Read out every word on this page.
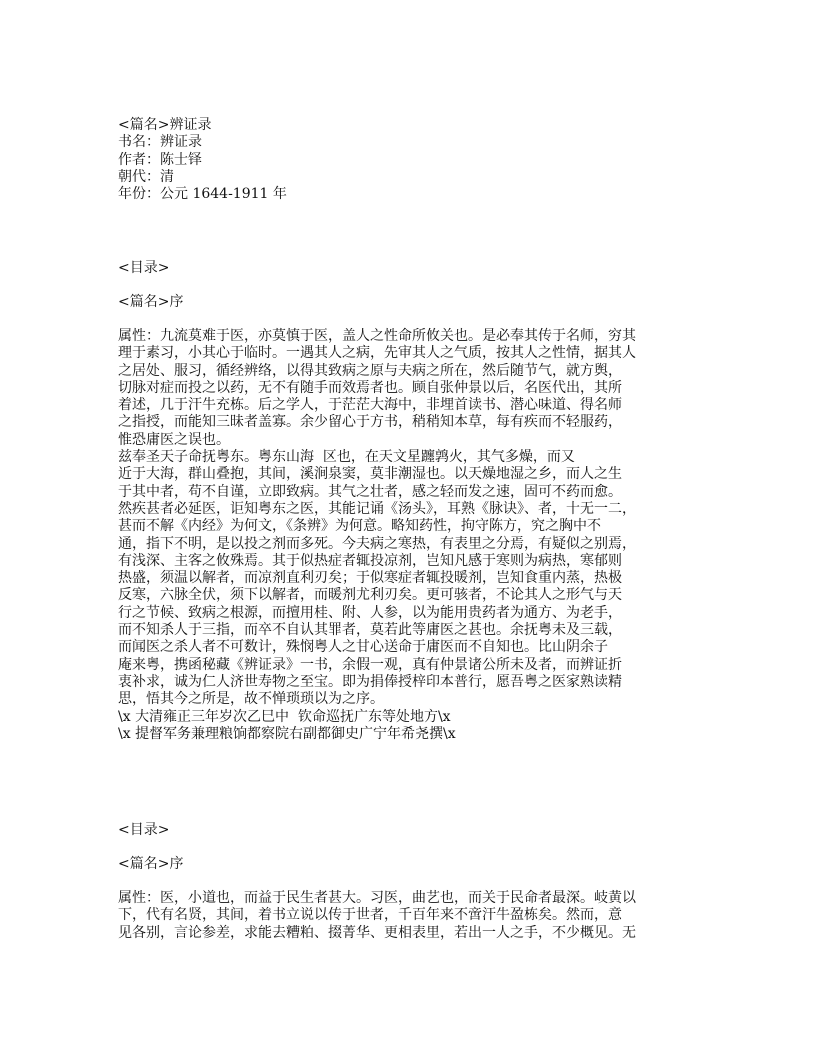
<篇名>辨证录
书名：辨证录
作者：陈士铎
朝代：清
年份：公元 1644-1911 年
<目录>
<篇名>序
属性：九流莫难于医，亦莫慎于医，盖人之性命所攸关也。是必奉其传于名师，穷其
理于素习，小其心于临时。一遇其人之病，先审其人之气质，按其人之性情，据其人
之居处、服习，循经辨络，以得其致病之原与夫病之所在，然后随节气，就方舆，
切脉对症而投之以药，无不有随手而效焉者也。顾自张仲景以后，名医代出，其所
着述，几于汗牛充栋。后之学人，于茫茫大海中，非埋首读书、潜心味道、得名师
之指授，而能知三昧者盖寡。余少留心于方书，稍稍知本草，每有疾而不轻服药，
惟恐庸医之误也。
兹奉圣天子命抚粤东。粤东山海  区也，在天文星躔鹑火，其气多燥，而又
近于大海，群山叠抱，其间，溪涧泉窦，莫非潮湿也。以天燥地湿之乡，而人之生
于其中者，苟不自谨，立即致病。其气之壮者，感之轻而发之速，固可不药而愈。
然疾甚者必延医，讵知粤东之医，其能记诵《汤头》，耳熟《脉诀》、者，十无一二，
甚而不解《内经》为何文，《条辨》为何意。略知药性，拘守陈方，究之胸中不
通，指下不明，是以投之剂而多死。今夫病之寒热，有表里之分焉，有疑似之别焉，
有浅深、主客之攸殊焉。其于似热症者辄投凉剂，岂知凡感于寒则为病热，寒郁则
热盛，须温以解者，而凉剂直利刃矣；于似寒症者辄投暖剂，岂知食重内蒸，热极
反寒，六脉全伏，须下以解者，而暖剂尤利刃矣。更可骇者，不论其人之形气与天
行之节候、致病之根源，而擅用桂、附、人参，以为能用贵药者为通方、为老手，
而不知杀人于三指，而卒不自认其罪者，莫若此等庸医之甚也。余抚粤未及三载，
而闻医之杀人者不可数计，殊悯粤人之甘心送命于庸医而不自知也。比山阴余子
庵来粤，携函秘藏《辨证录》一书，余假一观，真有仲景诸公所未及者，而辨证折
衷补求，诚为仁人济世寿物之至宝。即为捐俸授梓印本普行，愿吾粤之医家熟读精
思，悟其今之所是，故不惮琐琐以为之序。
\x 大清雍正三年岁次乙巳中  钦命巡抚广东等处地方\x
\x 提督军务兼理粮饷都察院右副都御史广宁年希尧撰\x
<目录>
<篇名>序
属性：医，小道也，而益于民生者甚大。习医，曲艺也，而关于民命者最深。岐黄以
下，代有名贤，其间，着书立说以传于世者，千百年来不啻汗牛盈栋矣。然而，意
见各别，言论参差，求能去糟粕、掇菁华、更相表里，若出一人之手，不少概见。无
